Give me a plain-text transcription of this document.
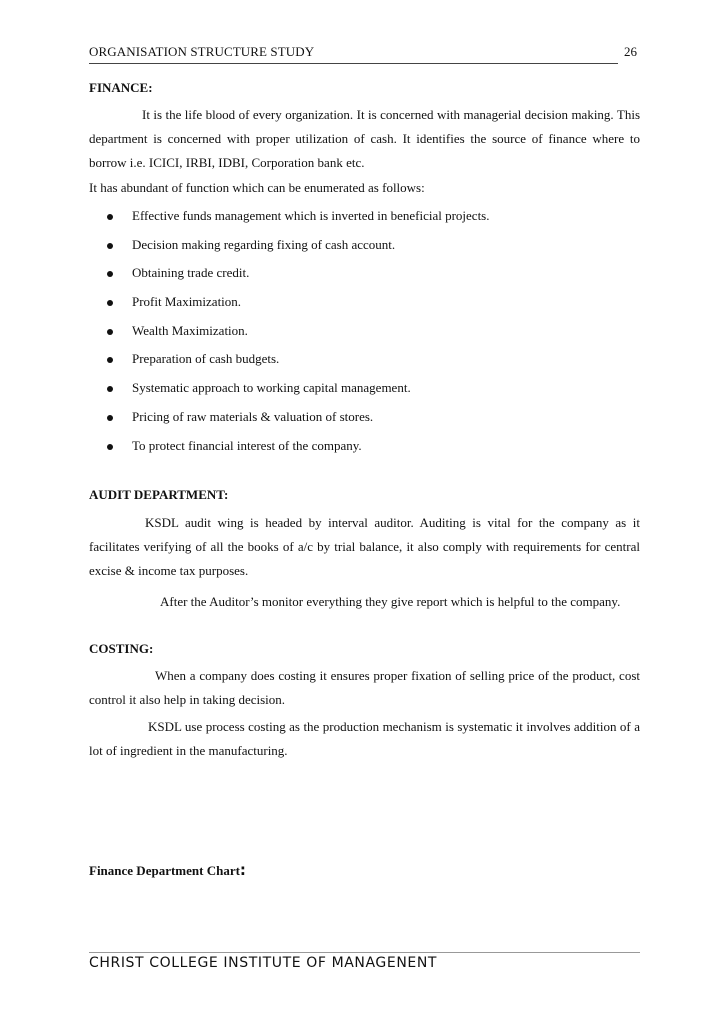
ORGANISATION STRUCTURE STUDY	26
FINANCE:
It is the life blood of every organization. It is concerned with managerial decision making. This department is concerned with proper utilization of cash. It identifies the source of finance where to borrow i.e. ICICI, IRBI, IDBI, Corporation bank etc.
It has abundant of function which can be enumerated as follows:
Effective funds management which is inverted in beneficial projects.
Decision making regarding fixing of cash account.
Obtaining trade credit.
Profit Maximization.
Wealth Maximization.
Preparation of cash budgets.
Systematic approach to working capital management.
Pricing of raw materials & valuation of stores.
To protect financial interest of the company.
AUDIT DEPARTMENT:
KSDL audit wing is headed by interval auditor. Auditing is vital for the company as it facilitates verifying of all the books of a/c by trial balance, it also comply with requirements for central excise & income tax purposes.
After the Auditor’s monitor everything they give report which is helpful to the company.
COSTING:
When a company does costing it ensures proper fixation of selling price of the product, cost control it also help in taking decision.
KSDL use process costing as the production mechanism is systematic it involves addition of a lot of ingredient in the manufacturing.
Finance Department Chart:
CHRIST COLLEGE INSTITUTE OF MANAGENENT
